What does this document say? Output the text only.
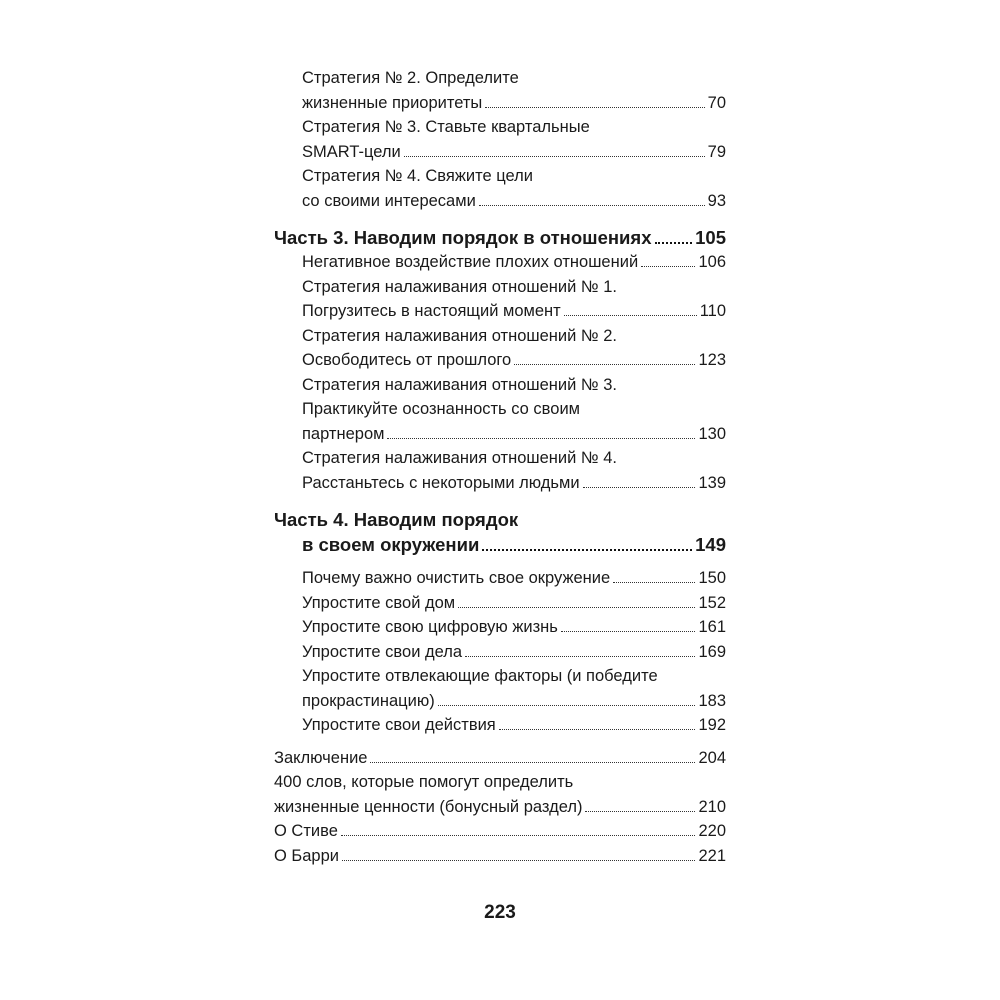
Стратегия № 2. Определите
жизненные приоритеты	70
Стратегия № 3. Ставьте квартальные
SMART-цели	79
Стратегия № 4. Свяжите цели
со своими интересами	93
Часть 3. Наводим порядок в отношениях 105
Негативное воздействие плохих отношений	106
Стратегия налаживания отношений № 1.
Погрузитесь в настоящий момент	110
Стратегия налаживания отношений № 2.
Освободитесь от прошлого	123
Стратегия налаживания отношений № 3.
Практикуйте осознанность со своим
партнером	130
Стратегия налаживания отношений № 4.
Расстаньтесь с некоторыми людьми	139
Часть 4. Наводим порядок
в своем окружении	149
Почему важно очистить свое окружение	150
Упростите свой дом	152
Упростите свою цифровую жизнь	161
Упростите свои дела	169
Упростите отвлекающие факторы (и победите
прокрастинацию)	183
Упростите свои действия	192
Заключение	204
400 слов, которые помогут определить
жизненные ценности (бонусный раздел)	210
О Стиве	220
О Барри	221
223
